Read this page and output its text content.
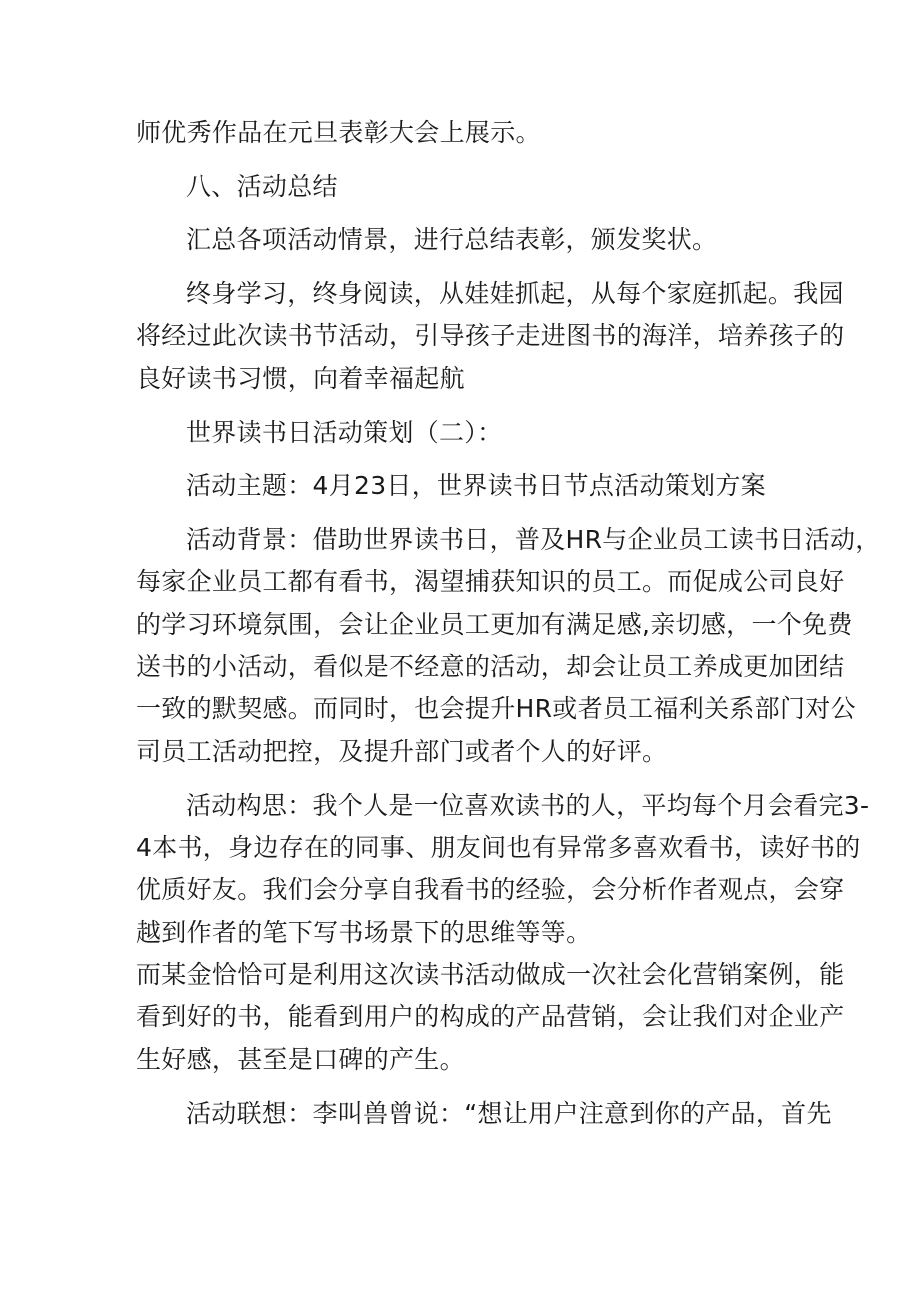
师优秀作品在元旦表彰大会上展示。
八、活动总结
汇总各项活动情景，进行总结表彰，颁发奖状。
终身学习，终身阅读，从娃娃抓起，从每个家庭抓起。我园
将经过此次读书节活动，引导孩子走进图书的海洋，培养孩子的
良好读书习惯，向着幸福起航
世界读书日活动策划（二）：
活动主题：4月23日，世界读书日节点活动策划方案
活动背景：借助世界读书日，普及HR与企业员工读书日活动，
每家企业员工都有看书，渴望捕获知识的员工。而促成公司良好
的学习环境氛围，会让企业员工更加有满足感,亲切感，一个免费
送书的小活动，看似是不经意的活动，却会让员工养成更加团结
一致的默契感。而同时，也会提升HR或者员工福利关系部门对公
司员工活动把控，及提升部门或者个人的好评。
活动构思：我个人是一位喜欢读书的人，平均每个月会看完3-
4本书，身边存在的同事、朋友间也有异常多喜欢看书，读好书的
优质好友。我们会分享自我看书的经验，会分析作者观点，会穿
越到作者的笔下写书场景下的思维等等。
而某金恰恰可是利用这次读书活动做成一次社会化营销案例，能
看到好的书，能看到用户的构成的产品营销，会让我们对企业产
生好感，甚至是口碑的产生。
活动联想：李叫兽曾说：“想让用户注意到你的产品，首先
